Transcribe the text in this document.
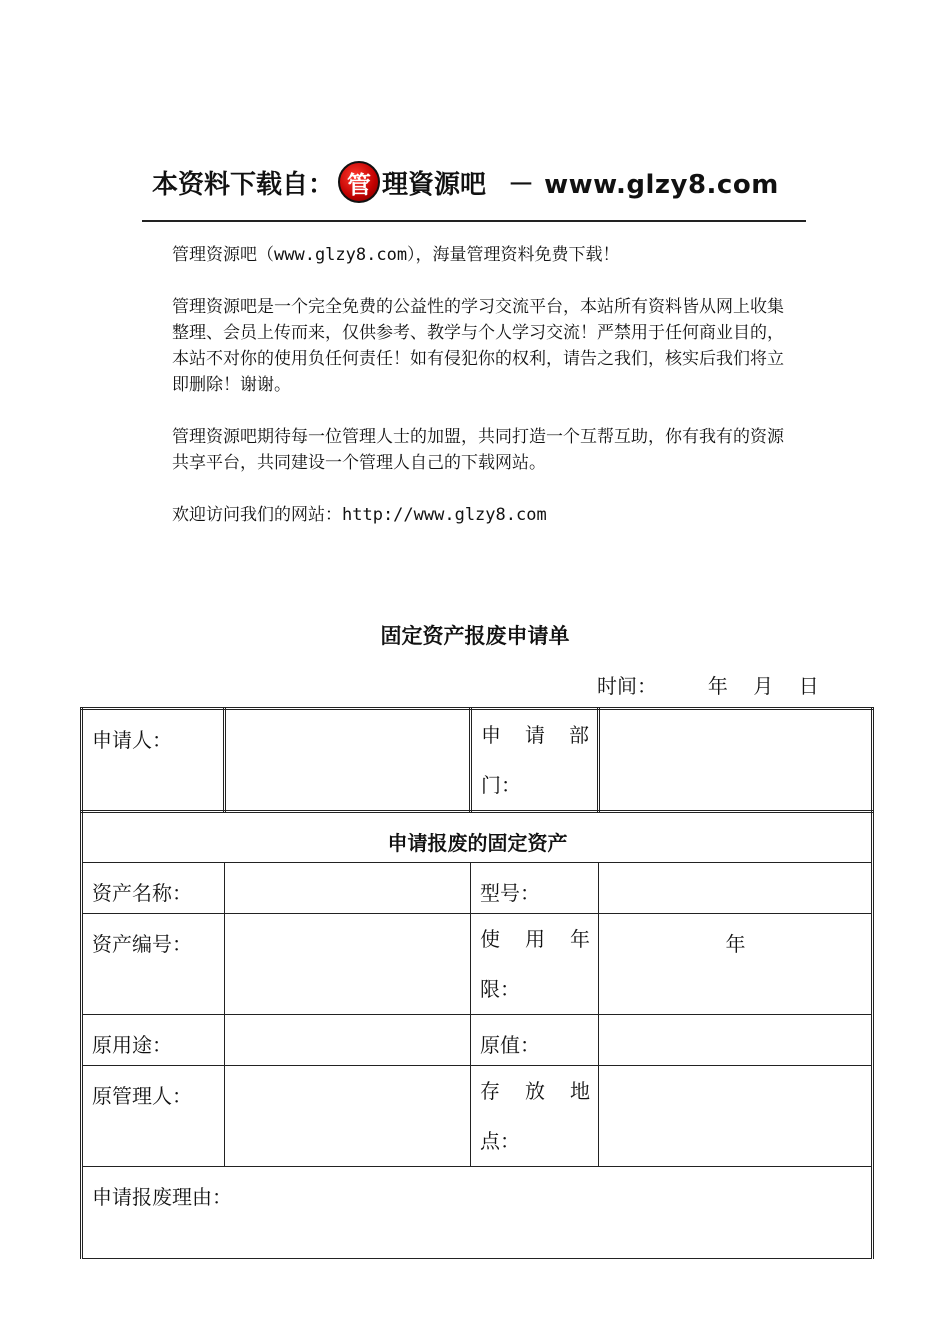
本资料下载自： 管 理資源吧 － www.glzy8.com

管理资源吧（www.glzy8.com），海量管理资料免费下载！

管理资源吧是一个完全免费的公益性的学习交流平台，本站所有资料皆从网上收集整理、会员上传而来，仅供参考、教学与个人学习交流！严禁用于任何商业目的，本站不对你的使用负任何责任！如有侵犯你的权利，请告之我们，核实后我们将立即删除！谢谢。

管理资源吧期待每一位管理人士的加盟，共同打造一个互帮互助，你有我有的资源共享平台，共同建设一个管理人自己的下载网站。

欢迎访问我们的网站：http://www.glzy8.com

固定资产报废申请单
时间：	年 月 日
申请人：		申 请 部
门：	

申请报废的固定资产			
资产名称：		型号：	
资产编号：		使 用 年
限：	年
原用途：		原值：	
原管理人：		存 放 地
点：	

申请报废理由：			
